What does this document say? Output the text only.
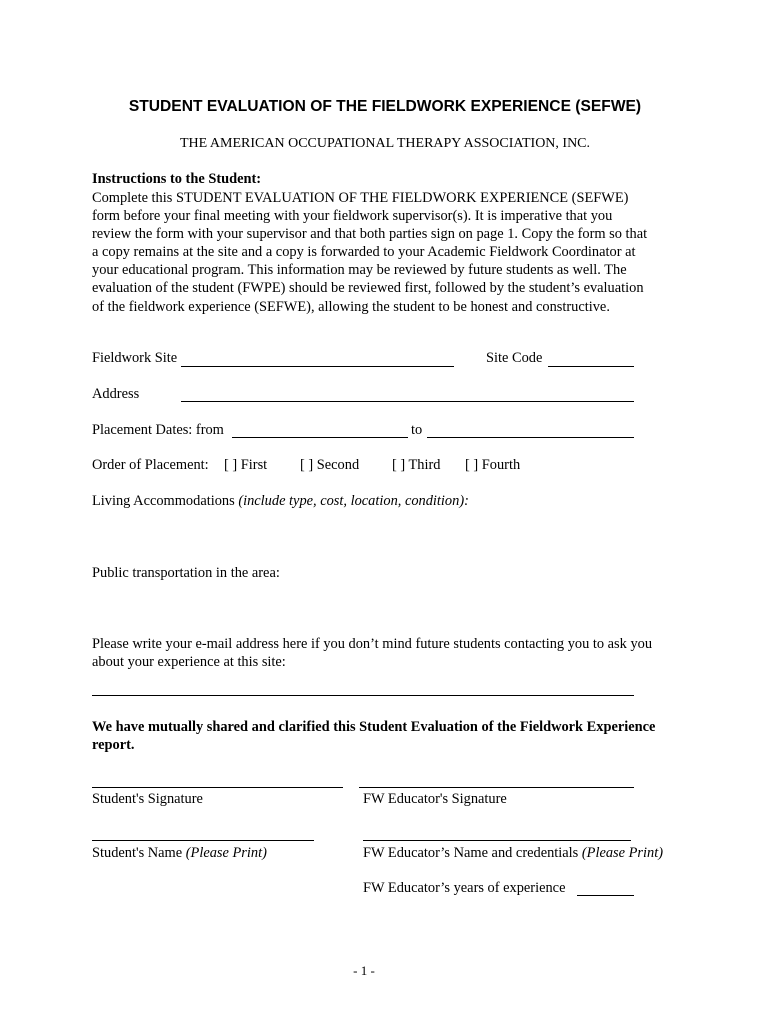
STUDENT EVALUATION OF THE FIELDWORK EXPERIENCE (SEFWE)
THE AMERICAN OCCUPATIONAL THERAPY ASSOCIATION, INC.
Instructions to the Student:
Complete this STUDENT EVALUATION OF THE FIELDWORK EXPERIENCE (SEFWE)
form before your final meeting with your fieldwork supervisor(s). It is imperative that you
review the form with your supervisor and that both parties sign on page 1. Copy the form so that
a copy remains at the site and a copy is forwarded to your Academic Fieldwork Coordinator at
your educational program. This information may be reviewed by future students as well. The
evaluation of the student (FWPE) should be reviewed first, followed by the student’s evaluation
of the fieldwork experience (SEFWE), allowing the student to be honest and constructive.
Fieldwork Site	Site Code
Address
Placement Dates: from	to
Order of Placement: [ ] First [ ] Second [ ] Third [ ] Fourth
Living Accommodations (include type, cost, location, condition):
Public transportation in the area:
Please write your e-mail address here if you don’t mind future students contacting you to ask you
about your experience at this site:
We have mutually shared and clarified this Student Evaluation of the Fieldwork Experience
report.
Student's Signature	FW Educator's Signature
Student's Name (Please Print)	FW Educator’s Name and credentials (Please Print)
FW Educator’s years of experience
- 1 -
